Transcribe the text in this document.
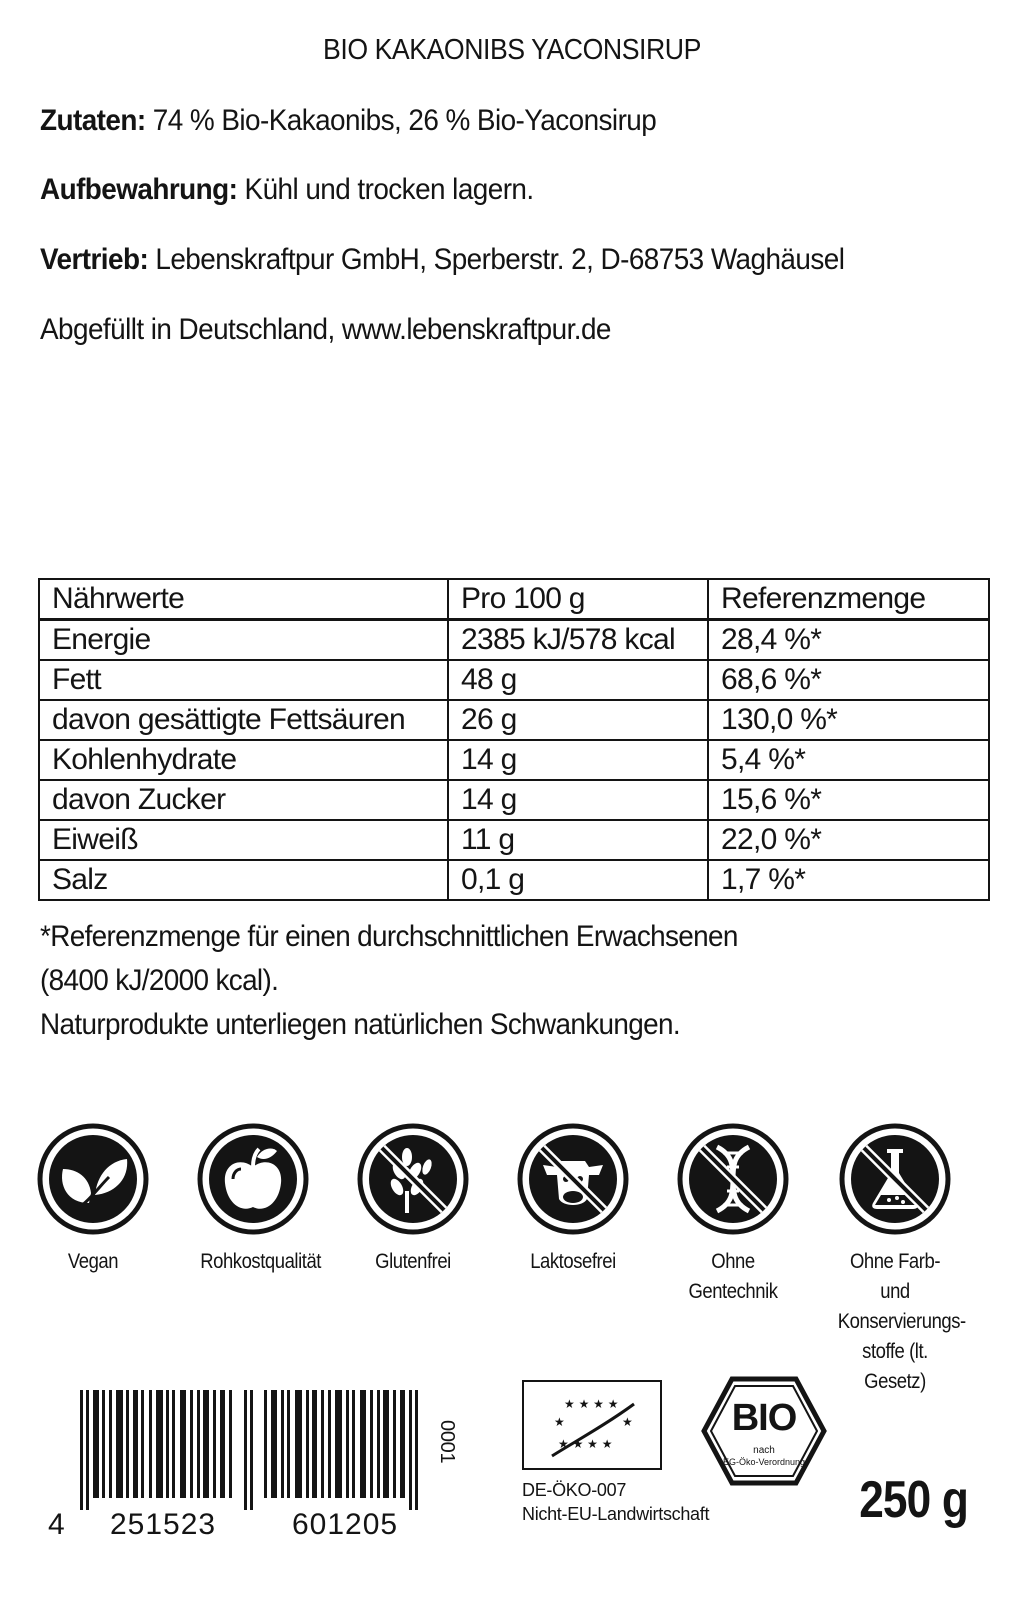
BIO KAKAONIBS YACONSIRUP
Zutaten: 74 % Bio-Kakaonibs, 26 % Bio-Yaconsirup
Aufbewahrung: Kühl und trocken lagern.
Vertrieb: Lebenskraftpur GmbH, Sperberstr. 2, D-68753 Waghäusel
Abgefüllt in Deutschland, www.lebenskraftpur.de
Nährwerte	Pro 100 g	Referenzmenge
Energie	2385 kJ/578 kcal	28,4 %*
Fett	48 g	68,6 %*
davon gesättigte Fettsäuren	26 g	130,0 %*
Kohlenhydrate	14 g	5,4 %*
davon Zucker	14 g	15,6 %*
Eiweiß	11 g	22,0 %*
Salz	0,1 g	1,7 %*
*Referenzmenge für einen durchschnittlichen Erwachsenen
(8400 kJ/2000 kcal).
Naturprodukte unterliegen natürlichen Schwankungen.
Vegan	Rohkostqualität	Glutenfrei	Laktosefrei	Ohne
Gentechnik
Ohne Farb- und
Konservierungs-
stoffe (lt. Gesetz)
4 251523	601205
0001
★ ★ ★ ★
★	★
★ ★ ★ ★
DE-ÖKO-007
Nicht-EU-Landwirtschaft
BIO
nach
EG-Öko-Verordnung
250 g
